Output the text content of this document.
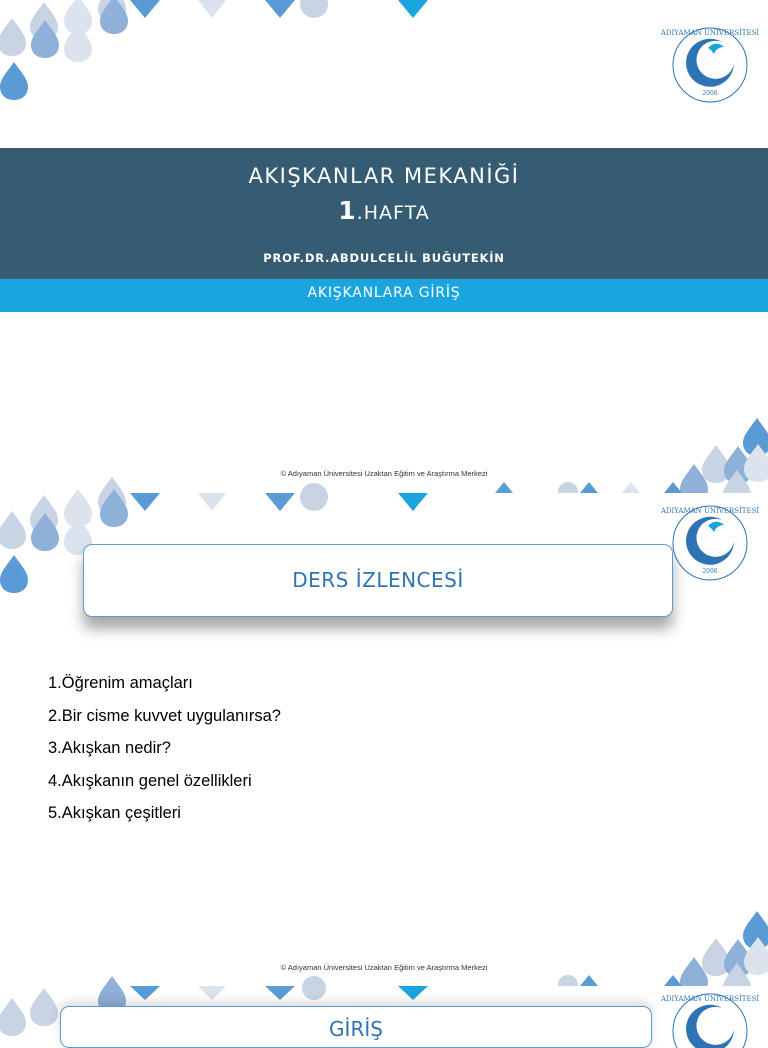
ADIYAMAN ÜNİVERSİTESİ
2006
AKIŞKANLAR MEKANİĞİ
1.HAFTA
PROF.DR.ABDULCELİL BUĞUTEKİN
AKIŞKANLARA GİRİŞ
© Adıyaman Üniversitesi Uzaktan Eğitim ve Araştırma Merkezi
ADIYAMAN ÜNİVERSİTESİ
2006
DERS İZLENCESİ
1.Öğrenim amaçları
2.Bir cisme kuvvet uygulanırsa?
3.Akışkan nedir?
4.Akışkanın genel özellikleri
5.Akışkan çeşitleri
© Adıyaman Üniversitesi Uzaktan Eğitim ve Araştırma Merkezi
ADIYAMAN ÜNİVERSİTESİ
GİRİŞ
